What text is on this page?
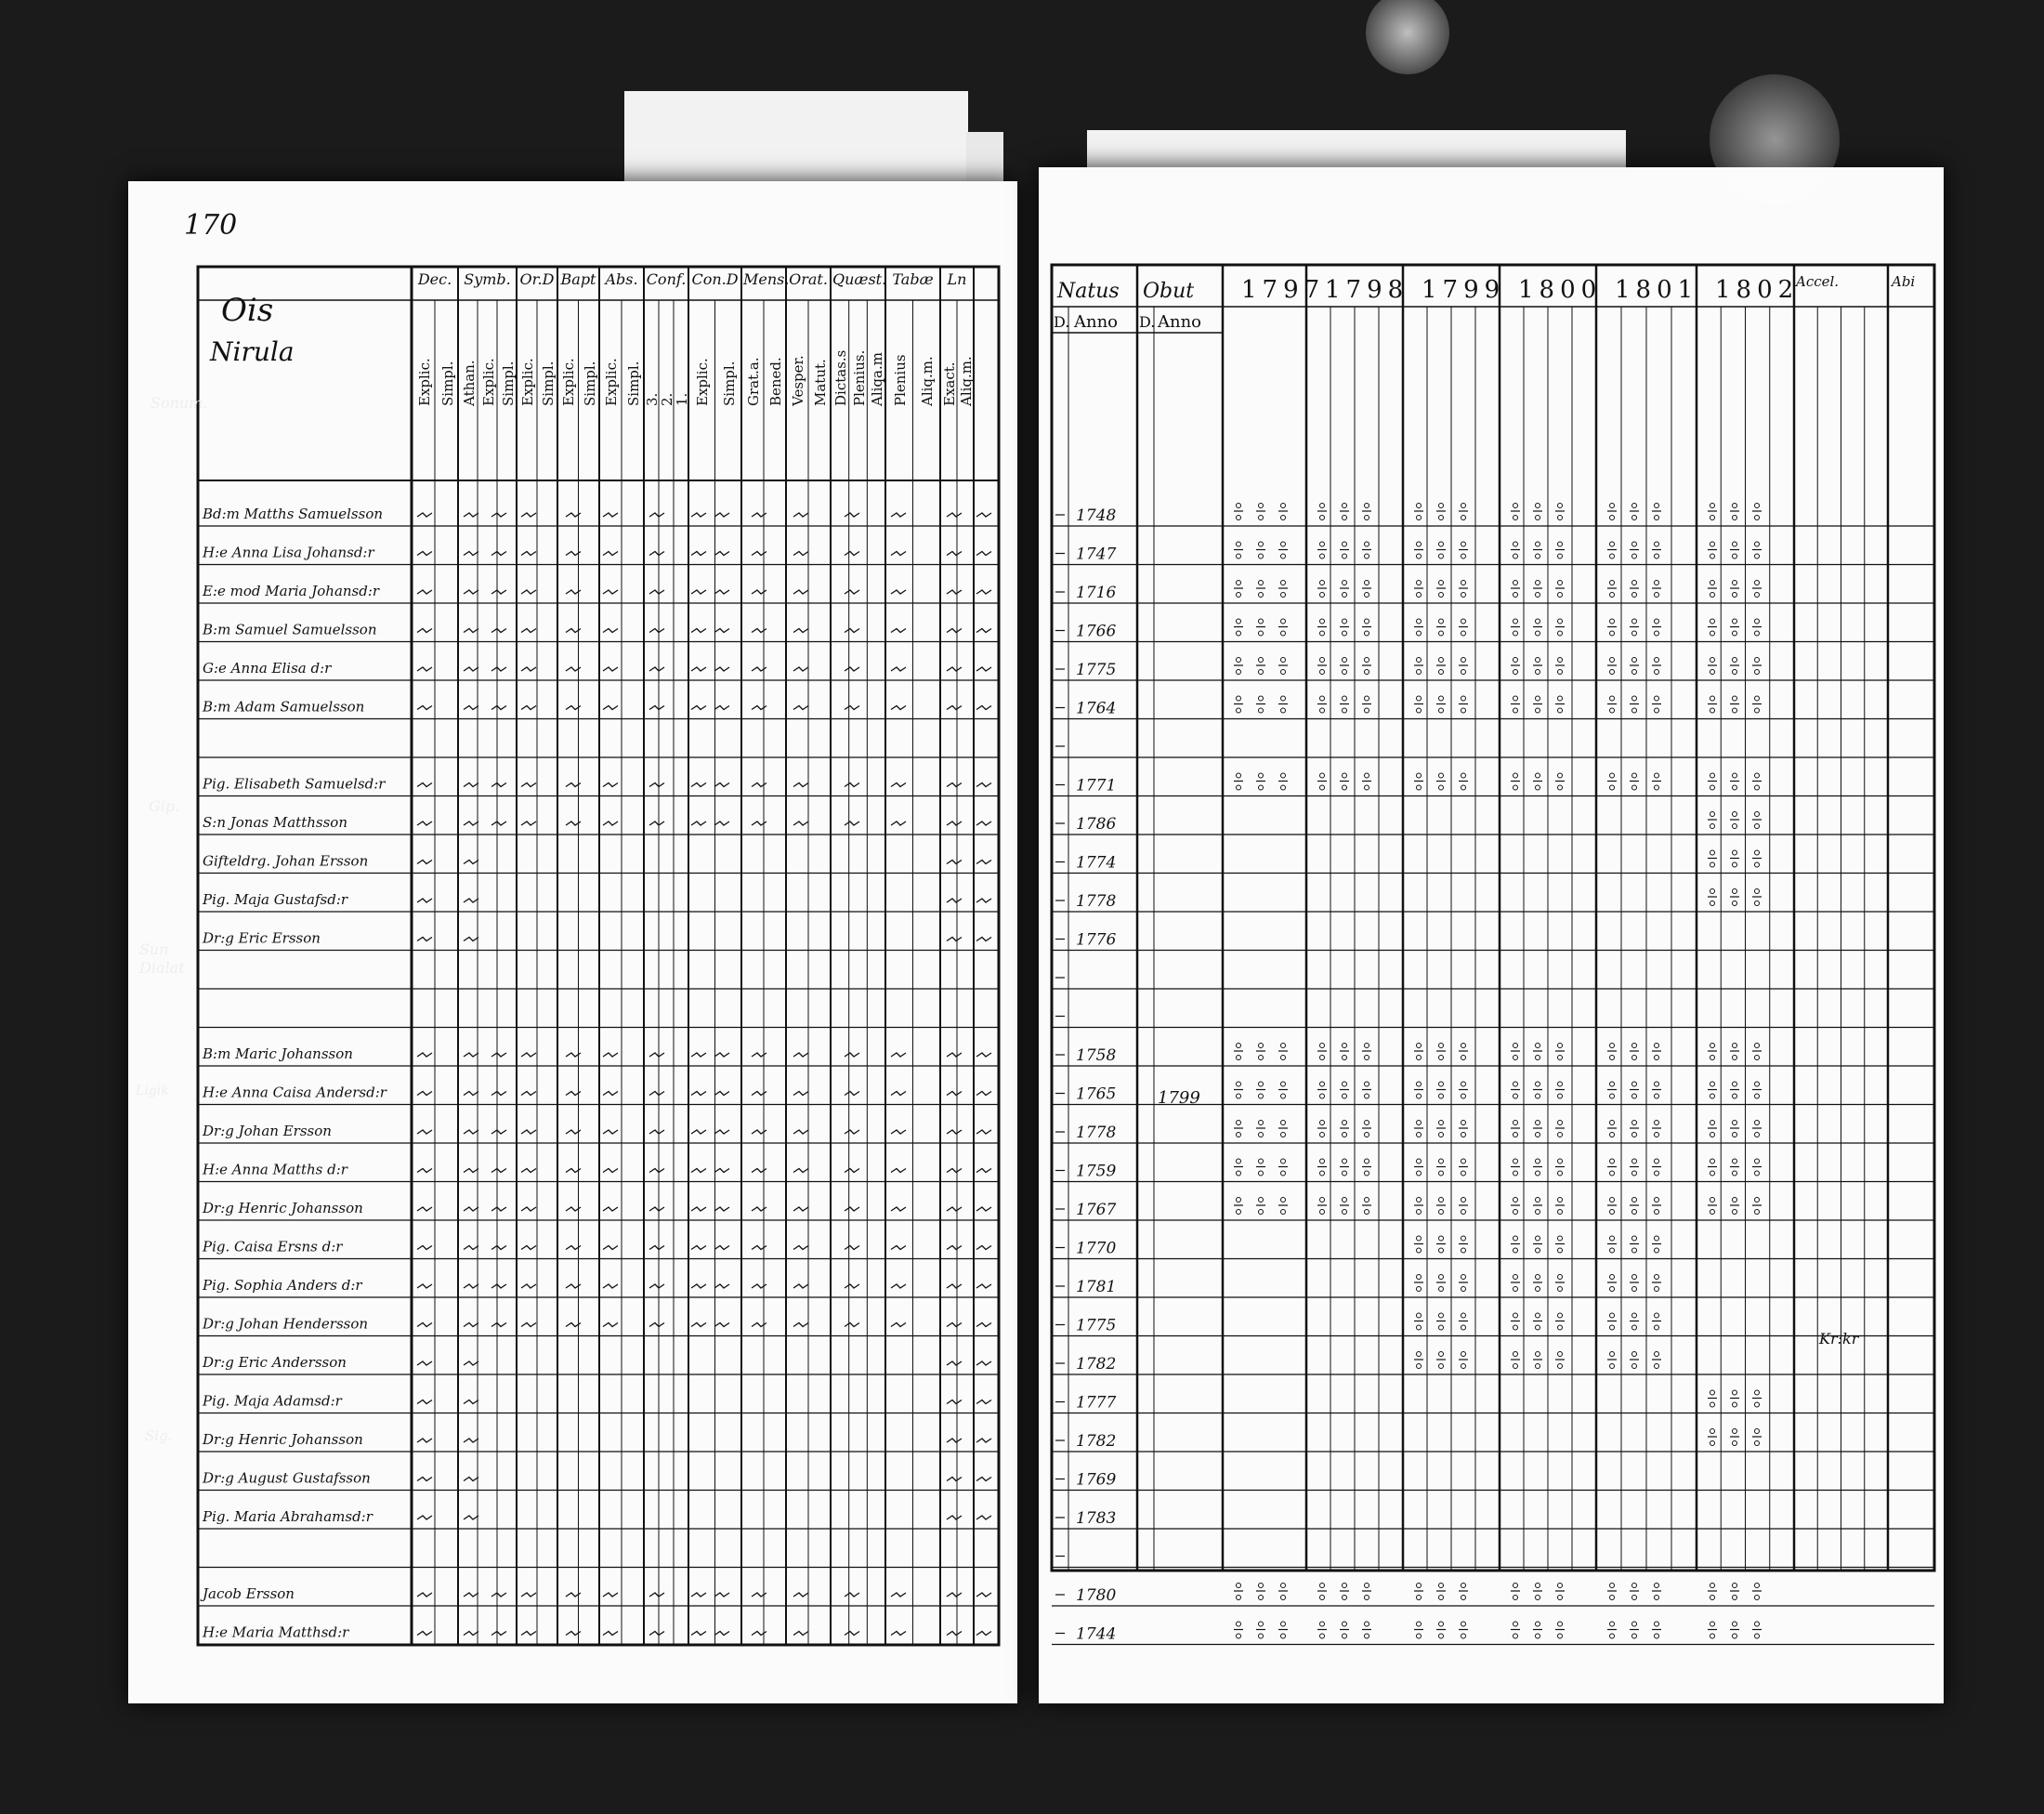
170
Ois
Nirula
Bd:m Matths Samuelsson
H:e Anna Lisa Johansd:r
E:e mod Maria Johansd:r
B:m Samuel Samuelsson
G:e Anna Elisa d:r
B:m Adam Samuelsson
Pig. Elisabeth Samuelsd:r
S:n Jonas Matthsson
Gifteldrg. Johan Ersson
Pig. Maja Gustafsd:r
Dr:g Eric Ersson
B:m Maric Johansson
H:e Anna Caisa Andersd:r
Dr:g Johan Ersson
H:e Anna Matths d:r
Dr:g Henric Johansson
Pig. Caisa Ersns d:r
Pig. Sophia Anders d:r
Dr:g Johan Hendersson
Dr:g Eric Andersson
Pig. Maja Adamsd:r
Dr:g Henric Johansson
Dr:g August Gustafsson
Pig. Maria Abrahamsd:r
Jacob Ersson
H:e Maria Matthsd:r
Dec.
Explic. Simpl.
Symb.
Athan. Explic. Simpl.
Or.D
Explic. Simpl.
Bapt
Explic. Simpl.
Abs.
Explic. Simpl.
Conf.
3.
2.
1.
Con.D
Explic. Simpl.
Mens.
Grat.a. Bened.
Orat.
Vesper. Matut.
Quæst.
Dictas.s Plenius. Aliqa.m
Tabæ
Plenius Aliq.m.
Ln
Exact. Aliq.m.
Sonum.
Gip.
Sun Dialat
Ligik
Sig.
Natus Obut
D. Anno D. Anno
1797 1798 1799 1800 1801 1802
Accel.	Abi
1748
1747
1716
1766
1775
1764
1771
1786
1774
1778
1776
1758
1765
1778
1759
1767
1770
1781
1775
1782
1777
1782
1769
1783
1780
1744
1799
Kr:kr
